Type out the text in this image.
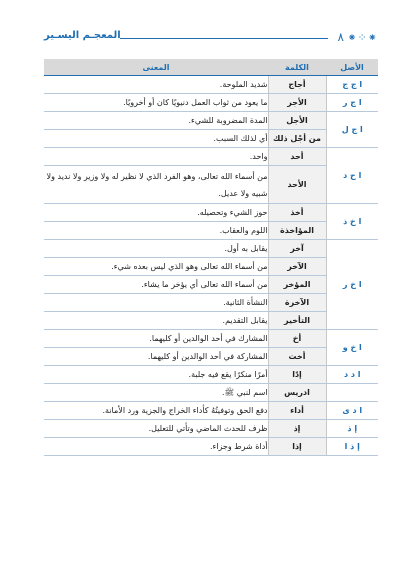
⁕⁘⁕
٨
المعجـم اليسـير
الأصل	الكلمة	المعنى
ا ج ج	أجاج	شديد الملوحة.
ا ج ر	الأجر	ما يعود من ثواب العمل دنيويًا كان أو أخرويًا.
ا ج ل	الأجل	المدة المضروبة للشيء.
	من أجْل ذلك	أي لذلك السبب.
ا ح د	أحد	واحد.
	الأحد	من أسماء الله تعالى، وهو الفرد الذي لا نظير له ولا وزير ولا نديد ولا شبيه ولا عديل.
ا خ ذ	أخذ	حوز الشيء وتحصيله.
	المؤاخذة	اللوم والعقاب.
ا خ ر	آخر	يقابل به أول.
	الآخر	من أسماء الله تعالى وهو الذي ليس بعده شيء.
	المؤخر	من أسماء الله تعالى أي يؤخر ما يشاء.
	الآخرة	النشأة الثانية.
	التأخير	يقابل التقديم.
ا خ و	أخ	المشارك في أحد الوالدين أو كليهما.
	أخت	المشاركة في أحد الوالدين أو كليهما.
ا د د	إدًا	أمرًا منكرًا يقع فيه جلبة.
	ادريس	اسم لنبي ﷺ.
ا د ى	أداء	دفع الحق وتوفيتُهُ كأداء الخراج والجزية ورد الأمانة.
إ ذ	إذ	ظرف للحدث الماضي وتأتي للتعليل.
إ ذ ا	إذا	أداة شرط وجزاء.
